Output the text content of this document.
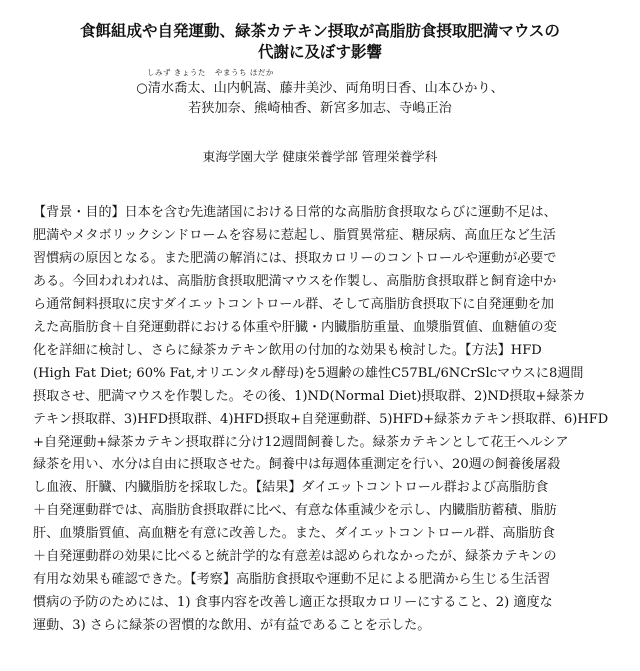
食餌組成や自発運動、緑茶カテキン摂取が高脂肪食摂取肥満マウスの
代謝に及ぼす影響
しみず きょうた やまうち ほだか
○清水喬太、山内帆嵩、藤井美沙、両角明日香、山本ひかり、
若狭加奈、熊崎柚香、新宮多加志、寺嶋正治
東海学園大学 健康栄養学部 管理栄養学科
【背景・目的】日本を含む先進諸国における日常的な高脂肪食摂取ならびに運動不足は、
肥満やメタボリックシンドロームを容易に惹起し、脂質異常症、糖尿病、高血圧など生活
習慣病の原因となる。また肥満の解消には、摂取カロリーのコントロールや運動が必要で
ある。今回われわれは、高脂肪食摂取肥満マウスを作製し、高脂肪食摂取群と飼育途中か
ら通常飼料摂取に戻すダイエットコントロール群、そして高脂肪食摂取下に自発運動を加
えた高脂肪食＋自発運動群における体重や肝臓・内臓脂肪重量、血漿脂質値、血糖値の変
化を詳細に検討し、さらに緑茶カテキン飲用の付加的な効果も検討した。【方法】HFD
(High Fat Diet; 60% Fat,オリエンタル酵母)を5週齢の雄性C57BL/6NCrSlcマウスに8週間
摂取させ、肥満マウスを作製した。その後、1)ND(Normal Diet)摂取群、2)ND摂取+緑茶カ
テキン摂取群、3)HFD摂取群、4)HFD摂取+自発運動群、5)HFD+緑茶カテキン摂取群、6)HFD
+自発運動+緑茶カテキン摂取群に分け12週間飼養した。緑茶カテキンとして花王ヘルシア
緑茶を用い、水分は自由に摂取させた。飼養中は毎週体重測定を行い、20週の飼養後屠殺
し血液、肝臓、内臓脂肪を採取した。【結果】ダイエットコントロール群および高脂肪食
＋自発運動群では、高脂肪食摂取群に比べ、有意な体重減少を示し、内臓脂肪蓄積、脂肪
肝、血漿脂質値、高血糖を有意に改善した。また、ダイエットコントロール群、高脂肪食
＋自発運動群の効果に比べると統計学的な有意差は認められなかったが、緑茶カテキンの
有用な効果も確認できた。【考察】高脂肪食摂取や運動不足による肥満から生じる生活習
慣病の予防のためには、1) 食事内容を改善し適正な摂取カロリーにすること、2) 適度な
運動、3) さらに緑茶の習慣的な飲用、が有益であることを示した。
